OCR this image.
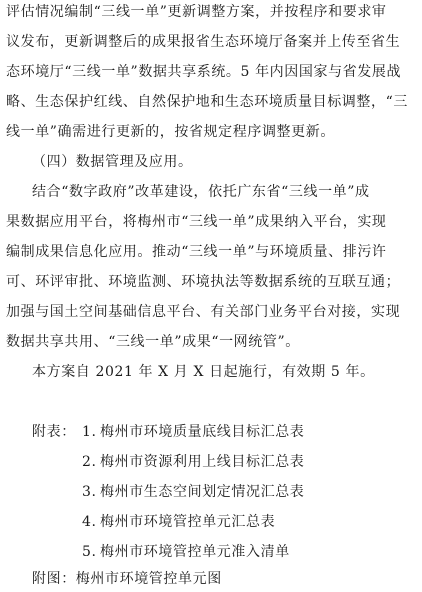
评估情况编制“三线一单”更新调整方案，并按程序和要求审
议发布，更新调整后的成果报省生态环境厅备案并上传至省生
态环境厅“三线一单”数据共享系统。5 年内因国家与省发展战
略、生态保护红线、自然保护地和生态环境质量目标调整，“三
线一单”确需进行更新的，按省规定程序调整更新。
（四）数据管理及应用。
结合“数字政府”改革建设，依托广东省“三线一单”成
果数据应用平台，将梅州市“三线一单”成果纳入平台，实现
编制成果信息化应用。推动“三线一单”与环境质量、排污许
可、环评审批、环境监测、环境执法等数据系统的互联互通；
加强与国土空间基础信息平台、有关部门业务平台对接，实现
数据共享共用、“三线一单”成果“一网统管”。
本方案自 2021 年 X 月 X 日起施行，有效期 5 年。
附表： 1. 梅州市环境质量底线目标汇总表
2. 梅州市资源利用上线目标汇总表
3. 梅州市生态空间划定情况汇总表
4. 梅州市环境管控单元汇总表
5. 梅州市环境管控单元准入清单
附图：梅州市环境管控单元图
